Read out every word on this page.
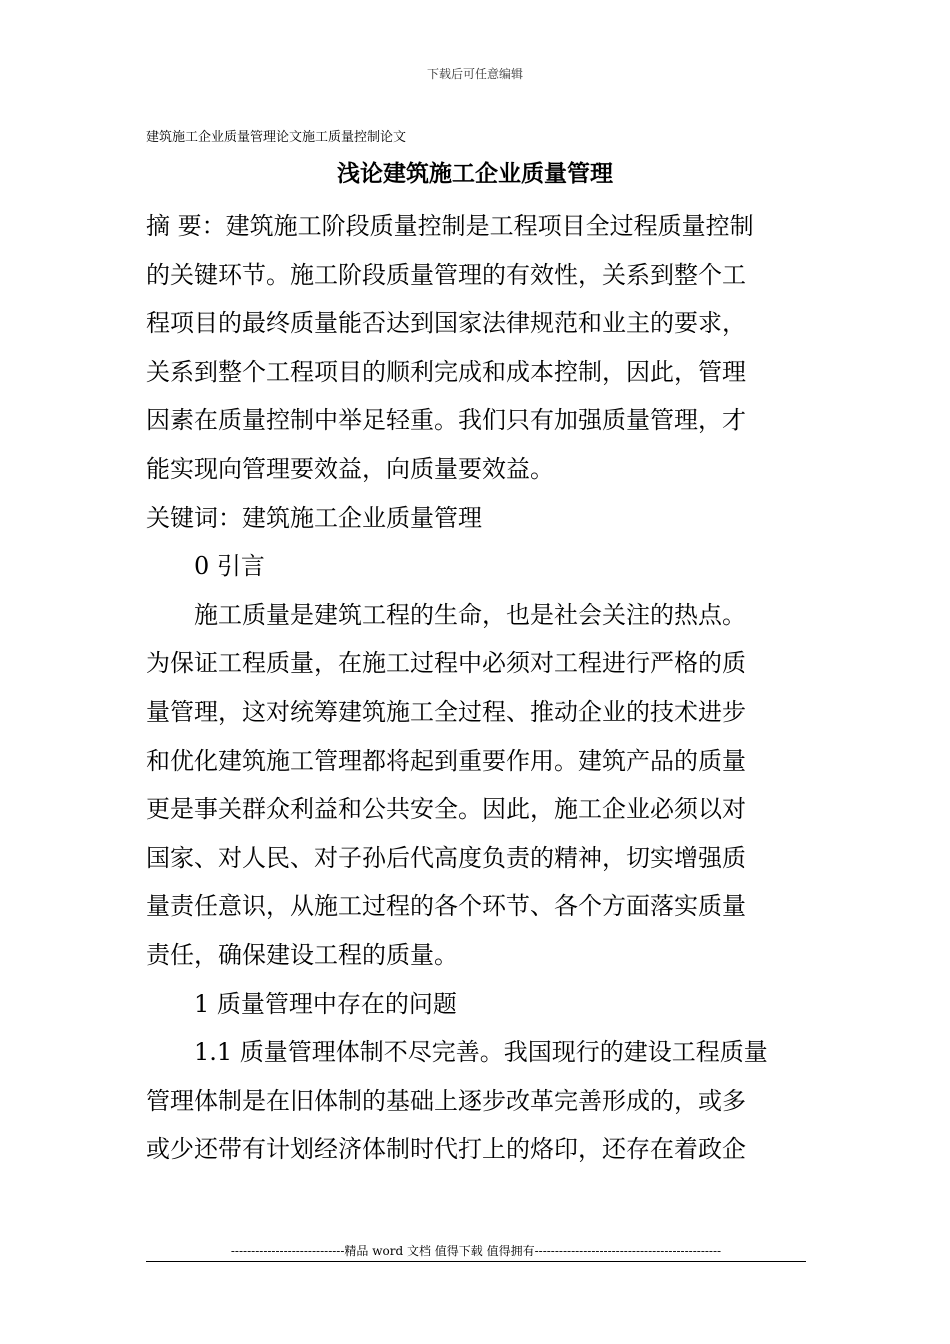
下载后可任意编辑
建筑施工企业质量管理论文施工质量控制论文
浅论建筑施工企业质量管理
摘 要：建筑施工阶段质量控制是工程项目全过程质量控制
的关键环节。施工阶段质量管理的有效性，关系到整个工
程项目的最终质量能否达到国家法律规范和业主的要求，
关系到整个工程项目的顺利完成和成本控制，因此，管理
因素在质量控制中举足轻重。我们只有加强质量管理，才
能实现向管理要效益，向质量要效益。
关键词：建筑施工企业质量管理
　　0 引言
　　施工质量是建筑工程的生命，也是社会关注的热点。
为保证工程质量，在施工过程中必须对工程进行严格的质
量管理，这对统筹建筑施工全过程、推动企业的技术进步
和优化建筑施工管理都将起到重要作用。建筑产品的质量
更是事关群众利益和公共安全。因此，施工企业必须以对
国家、对人民、对子孙后代高度负责的精神，切实增强质
量责任意识，从施工过程的各个环节、各个方面落实质量
责任，确保建设工程的质量。
　　1 质量管理中存在的问题
　　1.1 质量管理体制不尽完善。我国现行的建设工程质量
管理体制是在旧体制的基础上逐步改革完善形成的，或多
或少还带有计划经济体制时代打上的烙印，还存在着政企
----------------------------精品 word 文档 值得下载 值得拥有----------------------------------------------
